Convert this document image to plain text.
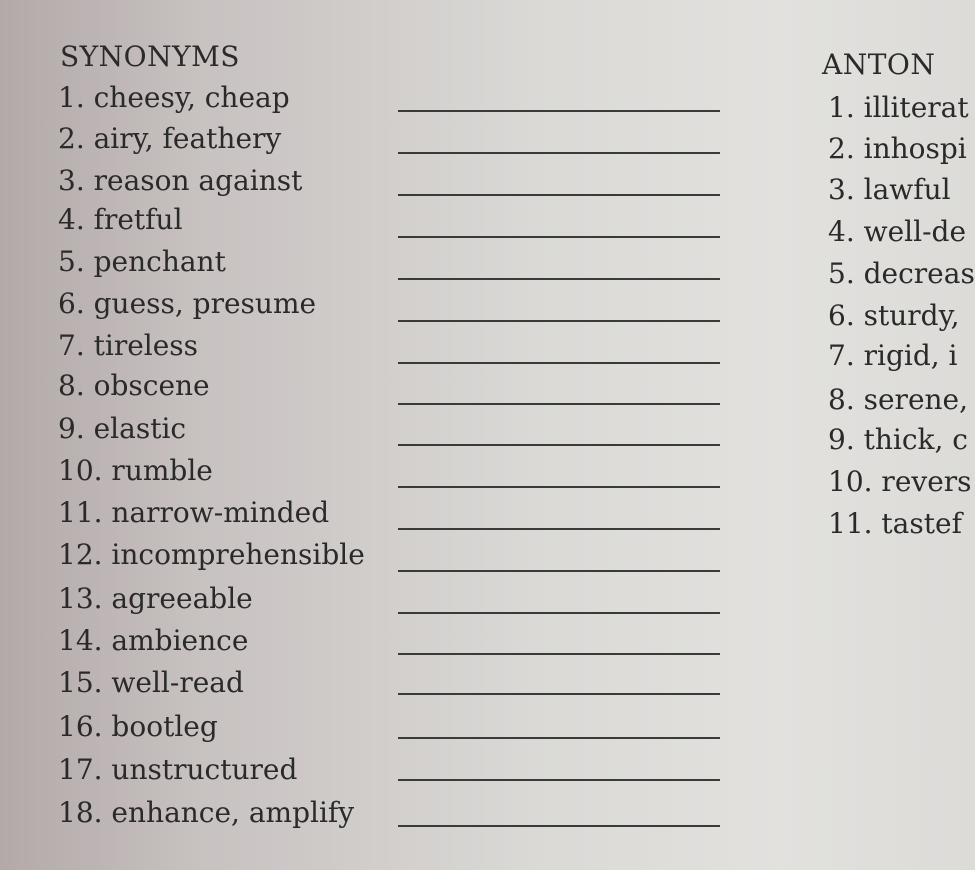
SYNONYMS	ANTON
1. cheesy, cheap
2. airy, feathery
3. reason against
4. fretful
5. penchant
6. guess, presume
7. tireless
8. obscene
9. elastic
10. rumble
11. narrow-minded
12. incomprehensible
13. agreeable
14. ambience
15. well-read
16. bootleg
17. unstructured
18. enhance, amplify
1. illiterat
2. inhospi
3. lawful
4. well-de
5. decreas
6. sturdy,
7. rigid, i
8. serene,
9. thick, c
10. revers
11. tastef
